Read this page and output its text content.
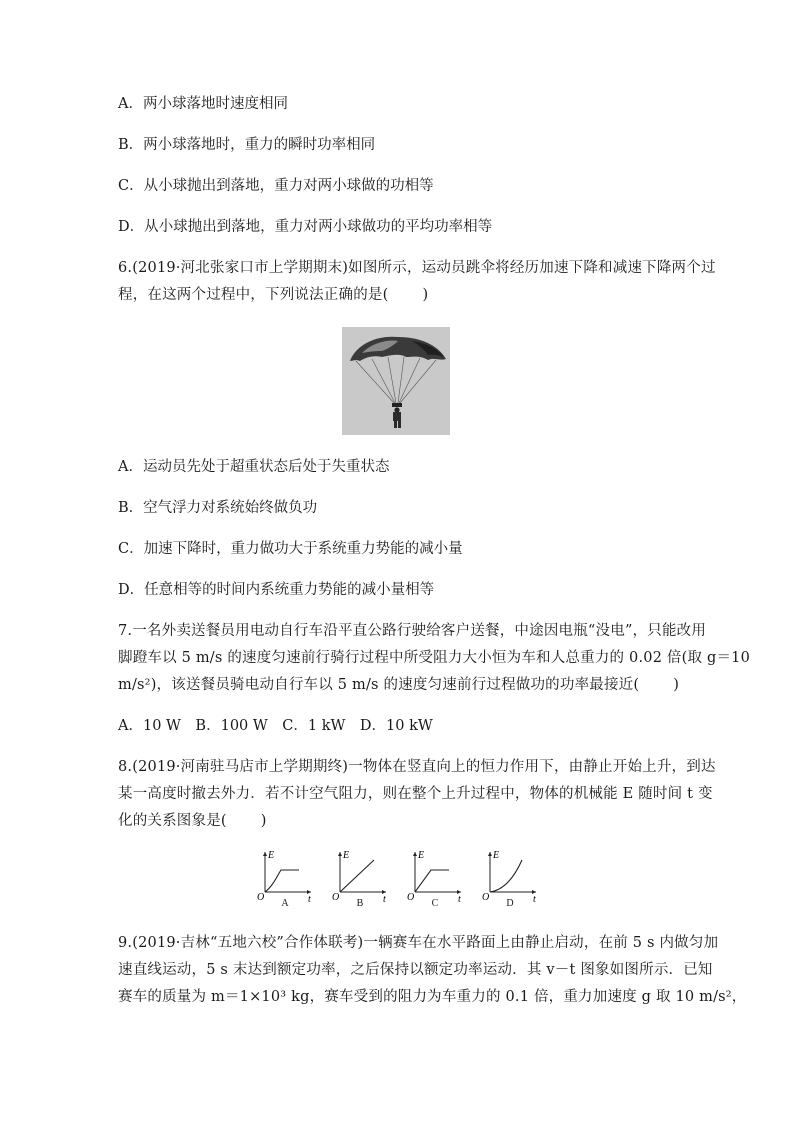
A．两小球落地时速度相同
B．两小球落地时，重力的瞬时功率相同
C．从小球抛出到落地，重力对两小球做的功相等
D．从小球抛出到落地，重力对两小球做功的平均功率相等
6.(2019·河北张家口市上学期期末)如图所示，运动员跳伞将经历加速下降和减速下降两个过
程，在这两个过程中，下列说法正确的是( )
A．运动员先处于超重状态后处于失重状态
B．空气浮力对系统始终做负功
C．加速下降时，重力做功大于系统重力势能的减小量
D．任意相等的时间内系统重力势能的减小量相等
7.一名外卖送餐员用电动自行车沿平直公路行驶给客户送餐，中途因电瓶“没电”，只能改用
脚蹬车以 5 m/s 的速度匀速前行骑行过程中所受阻力大小恒为车和人总重力的 0.02 倍(取 g＝10
m/s²)，该送餐员骑电动自行车以 5 m/s 的速度匀速前行过程做功的功率最接近( )
A．10 W　B．100 W　C．1 kW　D．10 kW
8.(2019·河南驻马店市上学期期终)一物体在竖直向上的恒力作用下，由静止开始上升，到达
某一高度时撤去外力．若不计空气阻力，则在整个上升过程中，物体的机械能 E 随时间 t 变
化的关系图象是( )
E
t
O
A
E
t
O
B
E
t
O
C
E
t
O
D
9.(2019·吉林“五地六校”合作体联考)一辆赛车在水平路面上由静止启动，在前 5 s 内做匀加
速直线运动，5 s 末达到额定功率，之后保持以额定功率运动．其 v－t 图象如图所示．已知
赛车的质量为 m＝1×10³ kg，赛车受到的阻力为车重力的 0.1 倍，重力加速度 g 取 10 m/s²，
